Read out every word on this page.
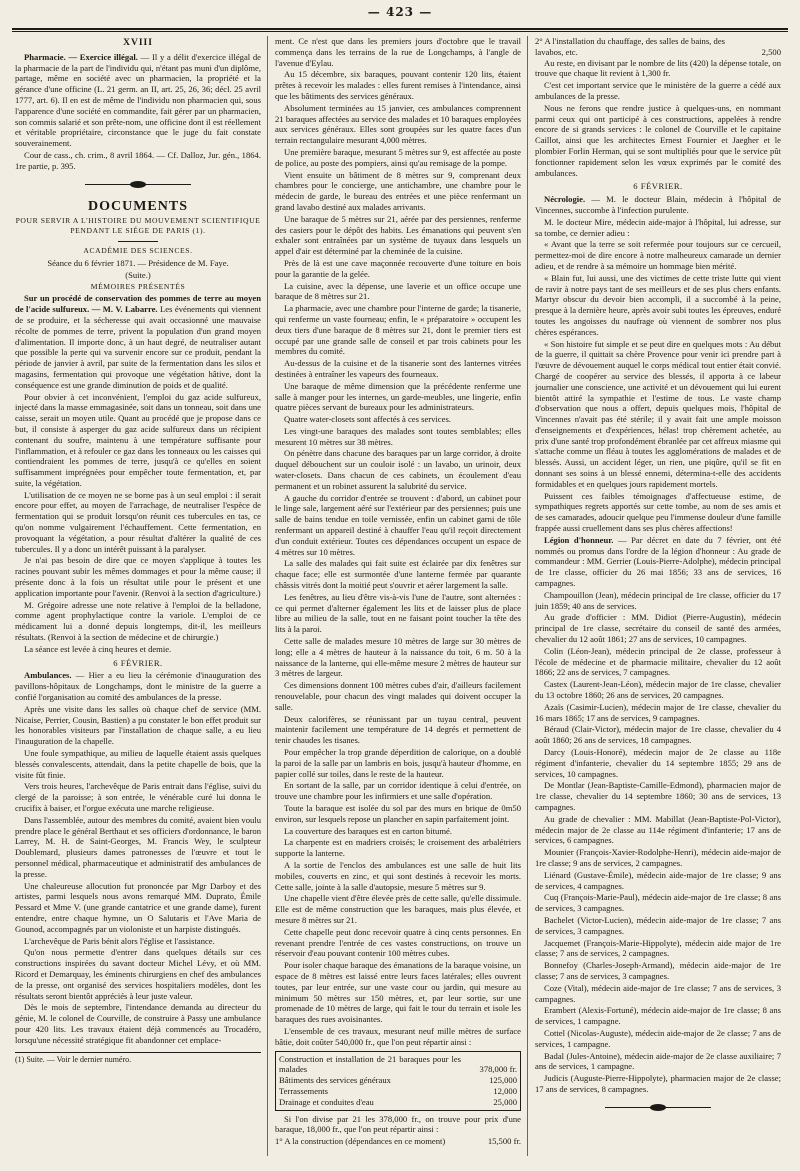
— 423 —
XVIII

Pharmacie. — Exercice illégal. — Il y a délit d'exercice illégal de la pharmacie de la part de l'individu qui, n'étant pas muni d'un diplôme, partage, même en société avec un pharmacien, la propriété et la gérance d'une officine (L. 21 germ. an II, art. 25, 26, 36; décl. 25 avril 1777, art. 6). Il en est de même de l'individu non pharmacien qui, sous l'apparence d'une société en commandite, fait gérer par un pharmacien, son commis salarié et son prête-nom, une officine dont il est réellement et véritable propriétaire, circonstance que le juge du fait constate souverainement.

Cour de cass., ch. crim., 8 avril 1864. — Cf. Dalloz, Jur. gén., 1864. 1re partie, p. 395.

DOCUMENTS

POUR SERVIR A L'HISTOIRE DU MOUVEMENT SCIENTIFIQUE PENDANT LE SIÉGE DE PARIS (1).

ACADÉMIE DES SCIENCES.

Séance du 6 février 1871. — Présidence de M. Faye.

(Suite.)

MÉMOIRES PRÉSENTÉS

Sur un procédé de conservation des pommes de terre au moyen de l'acide sulfureux. — M. V. Labarre. Les événements qui viennent de se produire, et la sécheresse qui avait occasionné une mauvaise récolte de pommes de terre, privent la population d'un grand moyen d'alimentation. Il importe donc, à un haut degré, de neutraliser autant que possible la perte qui va survenir encore sur ce produit, pendant la période de janvier à avril, par suite de la fermentation dans les silos et magasins, fermentation qui provoque une végétation hâtive, dont la conséquence est une grande diminution de poids et de qualité.

Pour obvier à cet inconvénient, l'emploi du gaz acide sulfureux, injecté dans la masse emmagasinée, soit dans un tonneau, soit dans une caisse, serait un moyen utile. Quant au procédé que je propose dans ce but, il consiste à asperger du gaz acide sulfureux dans un récipient contenant du soufre, maintenu à une température suffisante pour l'inflammation, et à refouler ce gaz dans les tonneaux ou les caisses qui contiendraient les pommes de terre, jusqu'à ce qu'elles en soient suffisamment imprégnées pour empêcher toute fermentation, et, par suite, la végétation.

L'utilisation de ce moyen ne se borne pas à un seul emploi : il serait encore pour effet, au moyen de l'arrachage, de neutraliser l'espèce de fermentation qui se produit lorsqu'on réunit ces tubercules en tas, ce qu'on nomme vulgairement l'échauffement. Cette fermentation, en provoquant la végétation, a pour résultat d'altérer la qualité de ces tubercules. Il y a donc un intérêt puissant à la paralyser.

Je n'ai pas besoin de dire que ce moyen s'applique à toutes les racines pouvant subir les mêmes dommages et pour la même cause; il présente donc à la fois un résultat utile pour le présent et une application importante pour l'avenir. (Renvoi à la section d'agriculture.)

M. Grégoire adresse une note relative à l'emploi de la belladone, comme agent prophylactique contre la variole. L'emploi de ce médicament lui a donné depuis longtemps, dit-il, les meilleurs résultats. (Renvoi à la section de médecine et de chirurgie.)

La séance est levée à cinq heures et demie.

6 FÉVRIER.

Ambulances. — Hier a eu lieu la cérémonie d'inauguration des pavillons-hôpitaux de Longchamps, dont le ministre de la guerre a confié l'organisation au comité des ambulances de la presse.

Après une visite dans les salles où chaque chef de service (MM. Nicaise, Perrier, Cousin, Bastien) a pu constater le bon effet produit sur les honorables visiteurs par l'installation de chaque salle, a eu lieu l'inauguration de la chapelle.

Une foule sympathique, au milieu de laquelle étaient assis quelques blessés convalescents, attendait, dans la petite chapelle de bois, que la visite fût finie.

Vers trois heures, l'archevêque de Paris entrait dans l'église, suivi du clergé de la paroisse; à son entrée, le vénérable curé lui donna le crucifix à baiser, et l'orgue exécuta une marche religieuse.

Dans l'assemblée, autour des membres du comité, avaient bien voulu prendre place le général Berthaut et ses officiers d'ordonnance, le baron Larrey, M. H. de Saint-Georges, M. Francis Wey, le sculpteur Doublemard, plusieurs dames patronesses de l'œuvre et tout le personnel médical, pharmaceutique et administratif des ambulances de la presse.

Une chaleureuse allocution fut prononcée par Mgr Darboy et des artistes, parmi lesquels nous avons remarqué MM. Duprato, Émile Pessard et Mme V. (une grande cantatrice et une grande dame), furent entendre, entre chaque hymne, un O Salutaris et l'Ave Maria de Gounod, accompagnés par un violoniste et un harpiste distingués.

L'archevêque de Paris bénit alors l'église et l'assistance.

Qu'on nous permette d'entrer dans quelques détails sur ces constructions inspirées du savant docteur Michel Lévy, et où MM. Ricord et Demarquay, les éminents chirurgiens en chef des ambulances de la presse, ont organisé des services hospitaliers modèles, dont les résultats seront bientôt appréciés à leur juste valeur.

Dès le mois de septembre, l'intendance demanda au directeur du génie, M. le colonel de Courville, de construire à Passy une ambulance pour 420 lits. Les travaux étaient déjà commencés au Trocadéro, lorsqu'une nécessité stratégique fit abandonner cet emplace-

(1) Suite. — Voir le dernier numéro.

ment. Ce n'est que dans les premiers jours d'octobre que le travail commença dans les terrains de la rue de Longchamps, à l'angle de l'avenue d'Eylau.

Au 15 décembre, six baraques, pouvant contenir 120 lits, étaient prêtes à recevoir les malades : elles furent remises à l'intendance, ainsi que les bâtiments des services généraux.

Absolument terminées au 15 janvier, ces ambulances comprennent 21 baraques affectées au service des malades et 10 baraques employées aux services généraux. Elles sont groupées sur les quatre faces d'un terrain rectangulaire mesurant 4,000 mètres.

Une première baraque, mesurant 5 mètres sur 9, est affectée au poste de police, au poste des pompiers, ainsi qu'au remisage de la pompe.

Vient ensuite un bâtiment de 8 mètres sur 9, comprenant deux chambres pour le concierge, une antichambre, une chambre pour le médecin de garde, le bureau des entrées et une pièce renfermant un grand lavabo destiné aux malades arrivants.

Une baraque de 5 mètres sur 21, aérée par des persiennes, renferme des casiers pour le dépôt des habits. Les émanations qui peuvent s'en exhaler sont entraînées par un système de tuyaux dans lesquels un appel d'air est déterminé par la cheminée de la cuisine.

Près de là est une cave maçonnée recouverte d'une toiture en bois pour la garantie de la gelée.

La cuisine, avec la dépense, une laverie et un office occupe une baraque de 8 mètres sur 21.

La pharmacie, avec une chambre pour l'interne de garde; la tisanerie, qui renferme un vaste fourneau; enfin, le « préparatoire » occupent les deux tiers d'une baraque de 8 mètres sur 21, dont le premier tiers est occupé par une grande salle de conseil et par trois cabinets pour les membres du comité.

Au-dessus de la cuisine et de la tisanerie sont des lanternes vitrées destinées à entraîner les vapeurs des fourneaux.

Une baraque de même dimension que la précédente renferme une salle à manger pour les internes, un garde-meubles, une lingerie, enfin quatre pièces servant de bureaux pour les administrateurs.

Quatre water-closets sont affectés à ces services.

Les vingt-une baraques des malades sont toutes semblables; elles mesurent 10 mètres sur 38 mètres.

On pénètre dans chacune des baraques par un large corridor, à droite duquel débouchent sur un couloir isolé : un lavabo, un urinoir, deux water-closets. Dans chacun de ces cabinets, un écoulement d'eau permanent et un robinet assurent la salubrité du service.

A gauche du corridor d'entrée se trouvent : d'abord, un cabinet pour le linge sale, largement aéré sur l'extérieur par des persiennes; puis une salle de bains tendue en toile vernissée, enfin un cabinet garni de tôle renfermant un appareil destiné à chauffer l'eau qu'il reçoit directement d'un conduit extérieur. Toutes ces dépendances occupent un espace de 4 mètres sur 10 mètres.

La salle des malades qui fait suite est éclairée par dix fenêtres sur chaque face; elle est surmontée d'une lanterne fermée par quarante châssis vitrés dont la moitié peut s'ouvrir et aérer largement la salle.

Les fenêtres, au lieu d'être vis-à-vis l'une de l'autre, sont alternées : ce qui permet d'alterner également les lits et de laisser plus de place libre au milieu de la salle, tout en ne faisant point toucher la tête des lits à la paroi.

Cette salle de malades mesure 10 mètres de large sur 30 mètres de long; elle a 4 mètres de hauteur à la naissance du toit, 6 m. 50 à la naissance de la lanterne, qui elle-même mesure 2 mètres de hauteur sur 3 mètres de largeur.

Ces dimensions donnent 100 mètres cubes d'air, d'ailleurs facilement renouvelable, pour chacun des vingt malades qui doivent occuper la salle.

Deux calorifères, se réunissant par un tuyau central, peuvent maintenir facilement une température de 14 degrés et permettent de tenir chaudes les tisanes.

Pour empêcher la trop grande déperdition de calorique, on a doublé la paroi de la salle par un lambris en bois, jusqu'à hauteur d'homme, en papier collé sur toiles, dans le reste de la hauteur.

En sortant de la salle, par un corridor identique à celui d'entrée, on trouve une chambre pour les infirmiers et une salle d'opération.

Toute la baraque est isolée du sol par des murs en brique de 0m50 environ, sur lesquels repose un plancher en sapin parfaitement joint.

La couverture des baraques est en carton bitumé.

La charpente est en madriers croisés; le croisement des arbalétriers supporte la lanterne.

A la sortie de l'enclos des ambulances est une salle de huit lits mobiles, couverts en zinc, et qui sont destinés à recevoir les morts. Cette salle, jointe à la salle d'autopsie, mesure 5 mètres sur 9.

Une chapelle vient d'être élevée près de cette salle, qu'elle dissimule. Elle est de même construction que les baraques, mais plus élevée, et mesure 8 mètres sur 21.

Cette chapelle peut donc recevoir quatre à cinq cents personnes. En revenant prendre l'entrée de ces vastes constructions, on trouve un réservoir d'eau pouvant contenir 100 mètres cubes.

Pour isoler chaque baraque des émanations de la baraque voisine, un espace de 8 mètres est laissé entre leurs faces latérales; elles ouvrent toutes, par leur entrée, sur une vaste cour ou jardin, qui mesure au minimum 50 mètres sur 150 mètres, et, par leur sortie, sur une promenade de 10 mètres de large, qui fait le tour du terrain et isole les baraques des rues avoisinantes.

L'ensemble de ces travaux, mesurant neuf mille mètres de surface bâtie, doit coûter 540,000 fr., que l'on peut répartir ainsi :

Construction et installation de 21 baraques pour les malades	378,000 fr.
Bâtiments des services généraux	125,000
Terrassements	12,000
Drainage et conduites d'eau	25,000

Si l'on divise par 21 les 378,000 fr., on trouve pour prix d'une baraque, 18,000 fr., que l'on peut répartir ainsi :

1° A la construction (dépendances en ce moment)	15,500 fr.
2° A l'installation du chauffage, des salles de bains, des lavabos, etc.	2,500

Au reste, en divisant par le nombre de lits (420) la dépense totale, on trouve que chaque lit revient à 1,300 fr.

C'est cet important service que le ministère de la guerre a cédé aux ambulances de la presse.

Nous ne ferons que rendre justice à quelques-uns, en nommant parmi ceux qui ont participé à ces constructions, appelées à rendre encore de si grands services : le colonel de Courville et le capitaine Caillot, ainsi que les architectes Ernest Fournier et Jaegher et le plombier Forlin Herman, qui se sont multipliés pour que le service pût fonctionner rapidement selon les vœux exprimés par le comité des ambulances.

6 FÉVRIER.

Nécrologie. — M. le docteur Blain, médecin à l'hôpital de Vincennes, succombe à l'infection purulente.

M. le docteur Mire, médecin aide-major à l'hôpital, lui adresse, sur sa tombe, ce dernier adieu :

« Avant que la terre se soit refermée pour toujours sur ce cercueil, permettez-moi de dire encore à notre malheureux camarade un dernier adieu, et de rendre à sa mémoire un hommage bien mérité.

« Blain fut, lui aussi, une des victimes de cette triste lutte qui vient de ravir à notre pays tant de ses meilleurs et de ses plus chers enfants. Martyr obscur du devoir bien accompli, il a succombé à la peine, presque à la dernière heure, après avoir subi toutes les épreuves, enduré toutes les angoisses du naufrage où viennent de sombrer nos plus chères espérances.

« Son histoire fut simple et se peut dire en quelques mots : Au début de la guerre, il quittait sa chère Provence pour venir ici prendre part à l'œuvre de dévouement auquel le corps médical tout entier était convié. Chargé de coopérer au service des blessés, il apporta à ce labeur journalier une conscience, une activité et un dévouement qui lui eurent bientôt attiré la sympathie et l'estime de tous. Le vaste champ d'observation que nous a offert, depuis quelques mois, l'hôpital de Vincennes n'avait pas été stérile; il y avait fait une ample moisson d'enseignements et d'expériences, hélas! trop chèrement achetée, au prix d'une santé trop profondément ébranlée par cet affreux miasme qui s'attache comme un fléau à toutes les agglomérations de malades et de blessés. Aussi, un accident léger, un rien, une piqûre, qu'il se fit en donnant ses soins à un blessé ennemi, détermina-t-elle des accidents formidables et en quelques jours rapidement mortels.

Puissent ces faibles témoignages d'affectueuse estime, de sympathiques regrets apportés sur cette tombe, au nom de ses amis et de ses camarades, adoucir quelque peu l'immense douleur d'une famille frappée aussi cruellement dans ses plus chères affections!

Légion d'honneur. — Par décret en date du 7 février, ont été nommés ou promus dans l'ordre de la légion d'honneur : Au grade de commandeur : MM. Gerrier (Louis-Pierre-Adolphe), médecin principal de 1re classe, officier du 26 mai 1856; 33 ans de services, 16 campagnes.

Champouillon (Jean), médecin principal de 1re classe, officier du 17 juin 1859; 40 ans de services.

Au grade d'officier : MM. Didiot (Pierre-Augustin), médecin principal de 1re classe, secrétaire du conseil de santé des armées, chevalier du 12 août 1861; 27 ans de services, 10 campagnes.

Colin (Léon-Jean), médecin principal de 2e classe, professeur à l'école de médecine et de pharmacie militaire, chevalier du 12 août 1866; 22 ans de services, 7 campagnes.

Castex (Laurent-Jean-Léon), médecin major de 1re classe, chevalier du 13 octobre 1860; 26 ans de services, 20 campagnes.

Azaïs (Casimir-Lucien), médecin major de 1re classe, chevalier du 16 mars 1865; 17 ans de services, 9 campagnes.

Béraud (Clair-Victor), médecin major de 1re classe, chevalier du 4 août 1860; 26 ans de services, 18 campagnes.

Darcy (Louis-Honoré), médecin major de 2e classe au 118e régiment d'infanterie, chevalier du 14 septembre 1855; 29 ans de services, 10 campagnes.

De Montlar (Jean-Baptiste-Camille-Edmond), pharmacien major de 1re classe, chevalier du 14 septembre 1860; 30 ans de services, 13 campagnes.

Au grade de chevalier : MM. Mabillat (Jean-Baptiste-Pol-Victor), médecin major de 2e classe au 114e régiment d'infanterie; 17 ans de services, 6 campagnes.

Mounier (François-Xavier-Rodolphe-Henri), médecin aide-major de 1re classe; 9 ans de services, 2 campagnes.

Liénard (Gustave-Émile), médecin aide-major de 1re classe; 9 ans de services, 4 campagnes.

Cuq (François-Marie-Paul), médecin aide-major de 1re classe; 8 ans de services, 3 campagnes.

Bachelet (Victor-Lucien), médecin aide-major de 1re classe; 7 ans de services, 3 campagnes.

Jacquemet (François-Marie-Hippolyte), médecin aide major de 1re classe; 7 ans de services, 2 campagnes.

Bonnefoy (Charles-Joseph-Armand), médecin aide-major de 1re classe; 7 ans de services, 3 campagnes.

Coze (Vital), médecin aide-major de 1re classe; 7 ans de services, 3 campagnes.

Erambert (Alexis-Fortuné), médecin aide-major de 1re classe; 8 ans de services, 1 campagne.

Cottel (Nicolas-Auguste), médecin aide-major de 2e classe; 7 ans de services, 1 campagne.

Badal (Jules-Antoine), médecin aide-major de 2e classe auxiliaire; 7 ans de services, 1 campagne.

Judicis (Auguste-Pierre-Hippolyte), pharmacien major de 2e classe; 17 ans de services, 8 campagnes.
